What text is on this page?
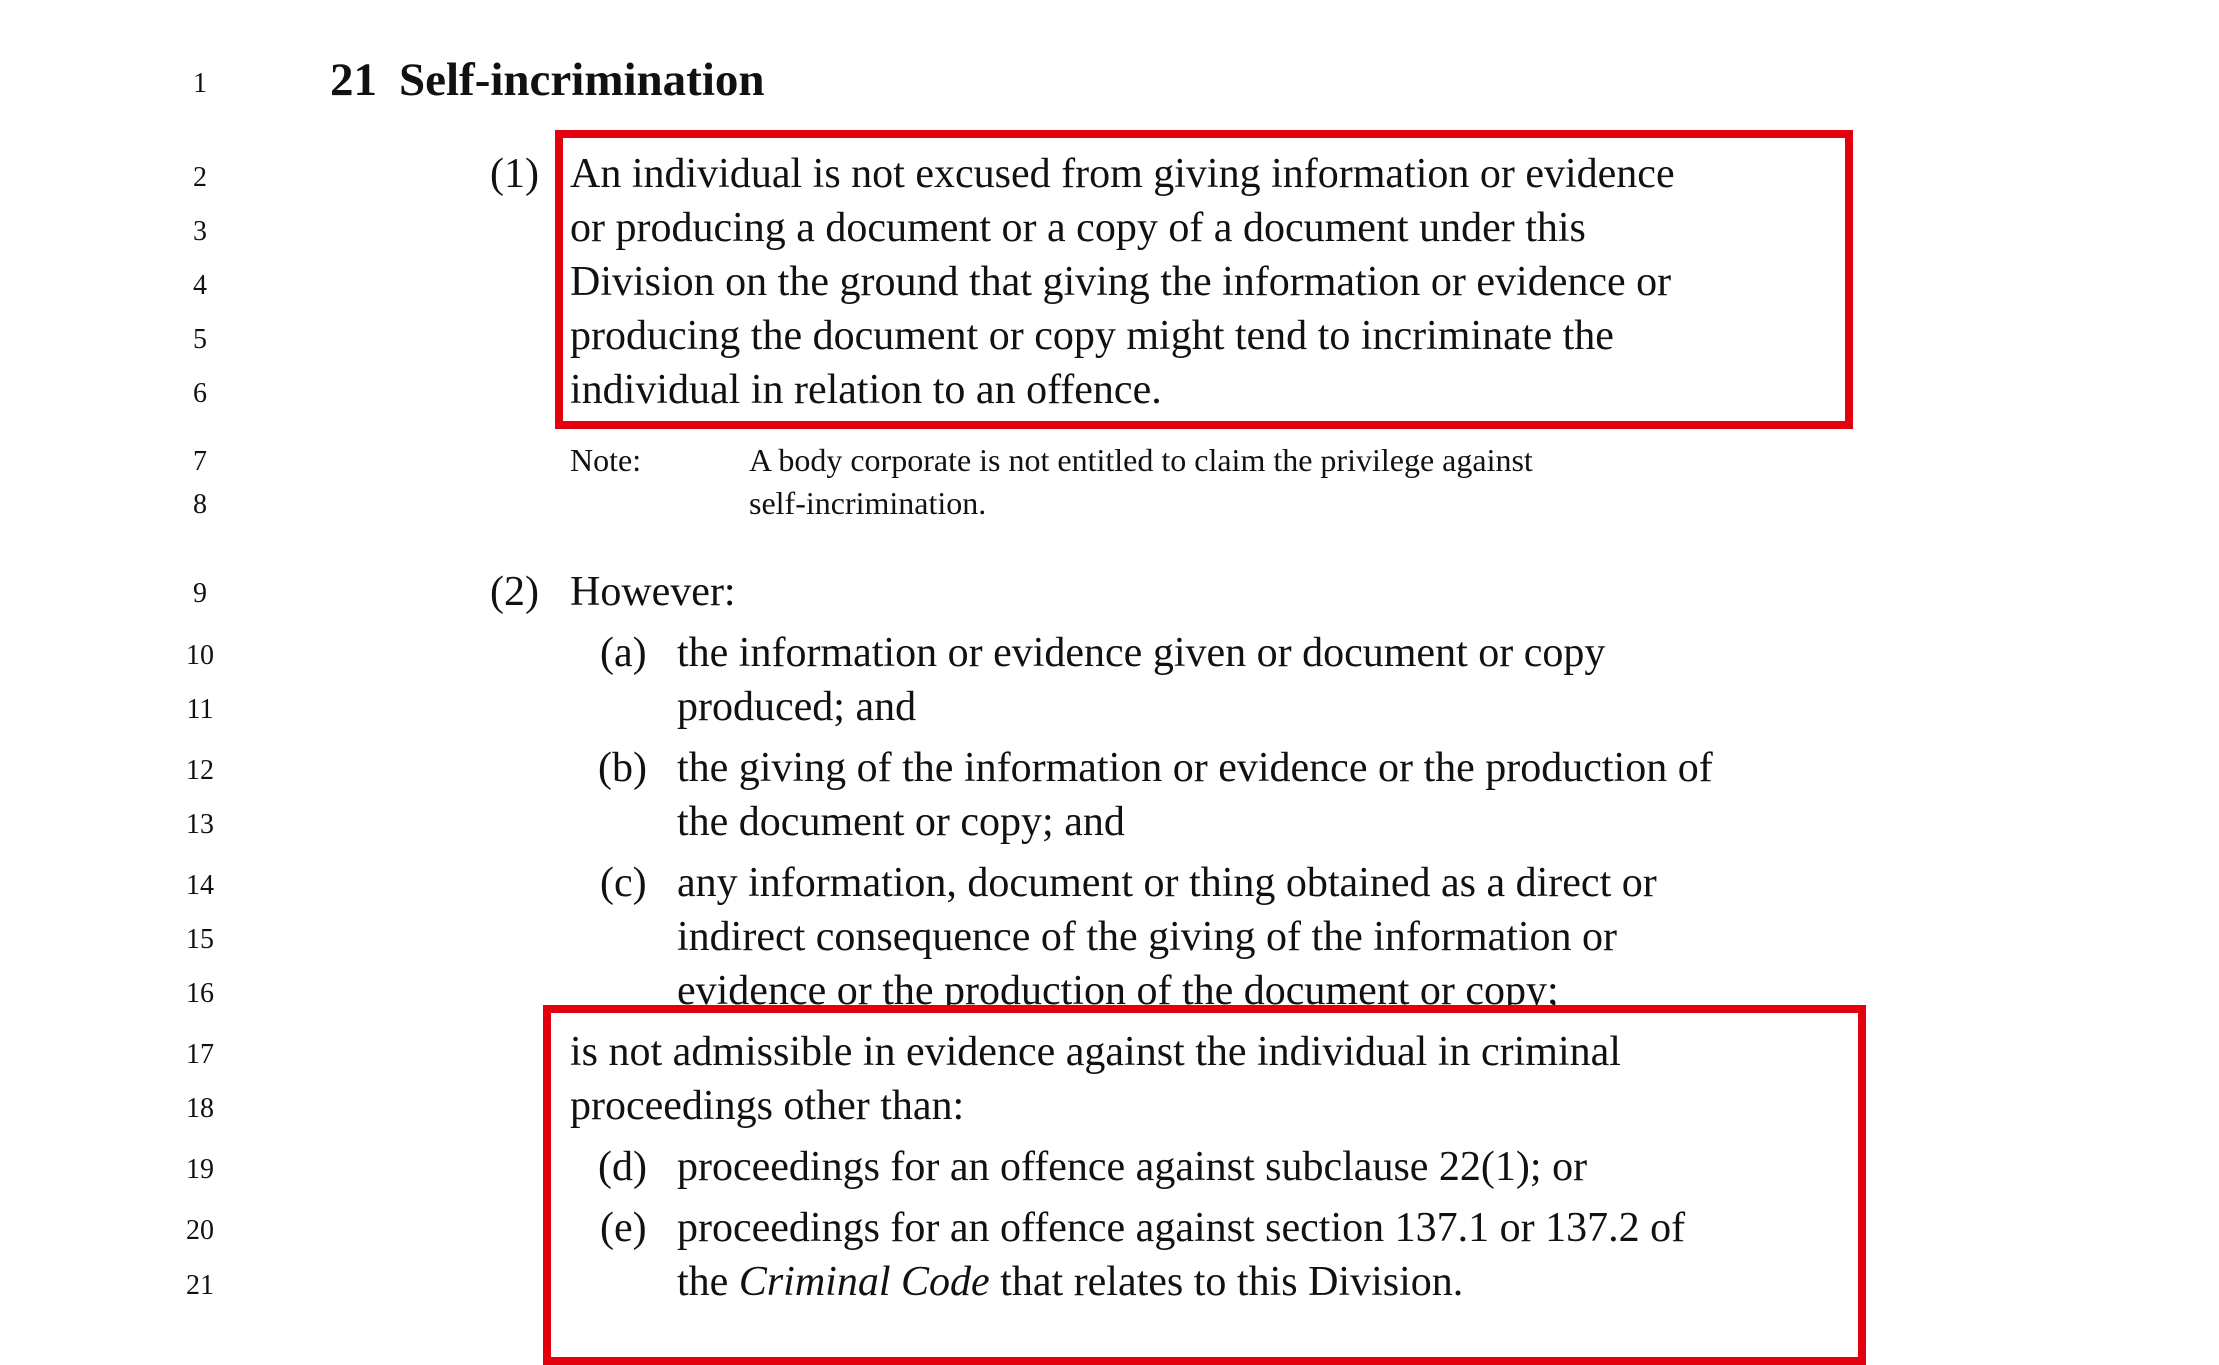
1
2
3
4
5
6
7
8
9
10
11
12
13
14
15
16
17
18
19
20
21
21 Self-incrimination
(1) An individual is not excused from giving information or evidence
or producing a document or a copy of a document under this
Division on the ground that giving the information or evidence or
producing the document or copy might tend to incriminate the
individual in relation to an offence.
Note:	A body corporate is not entitled to claim the privilege against
self-incrimination.
(2) However:
(a) the information or evidence given or document or copy
produced; and
(b) the giving of the information or evidence or the production of
the document or copy; and
(c) any information, document or thing obtained as a direct or
indirect consequence of the giving of the information or
evidence or the production of the document or copy;
is not admissible in evidence against the individual in criminal
proceedings other than:
(d) proceedings for an offence against subclause 22(1); or
(e) proceedings for an offence against section 137.1 or 137.2 of
the Criminal Code that relates to this Division.
